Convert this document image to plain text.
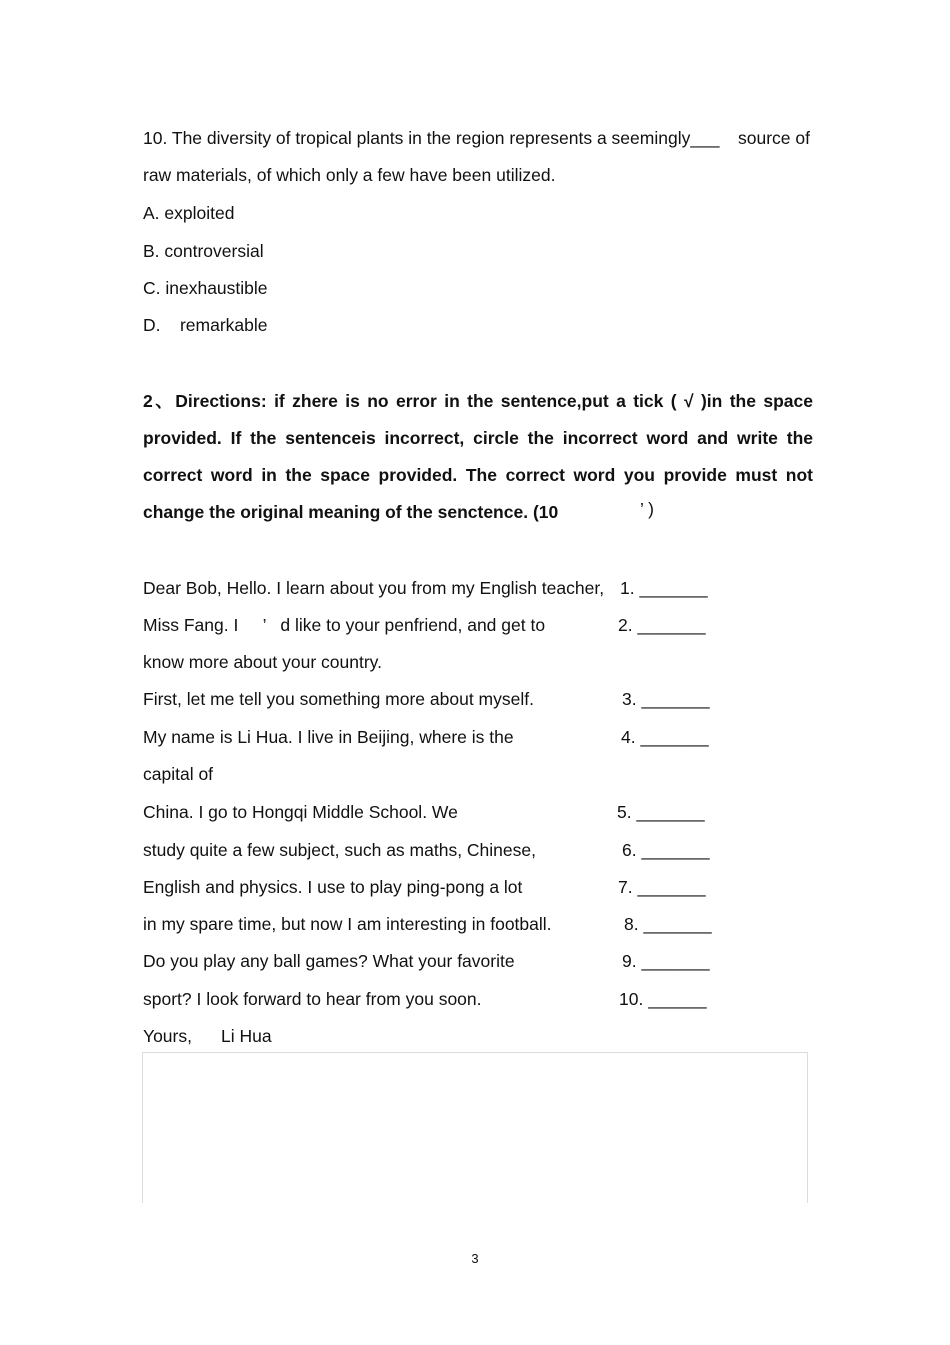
10. The diversity of tropical plants in the region represents a seemingly___ source of
raw materials, of which only a few have been utilized.
A. exploited
B. controversial
C. inexhaustible
D.    remarkable
2、Directions: if zhere is no error in the sentence,put a tick ( √ )in the space
provided. If the sentenceis incorrect, circle the incorrect word and write the
correct word in the space provided. The correct word you provide must not
change the original meaning of the senctence. (10	’ )
Dear Bob, Hello. I learn about you from my English teacher, 1. _______
Miss Fang. I     ’   d like to your penfriend, and get to	2. _______
know more about your country.
First, let me tell you something more about myself.	3. _______
My name is Li Hua. I live in Beijing, where is the	4. _______
capital of
China. I go to Hongqi Middle School. We	5. _______
study quite a few subject, such as maths, Chinese,	6. _______
English and physics. I use to play ping-pong a lot	7. _______
in my spare time, but now I am interesting in football.	8. _______
Do you play any ball games? What your favorite	9. _______
sport? I look forward to hear from you soon.	10. ______
Yours, Li Hua
3
